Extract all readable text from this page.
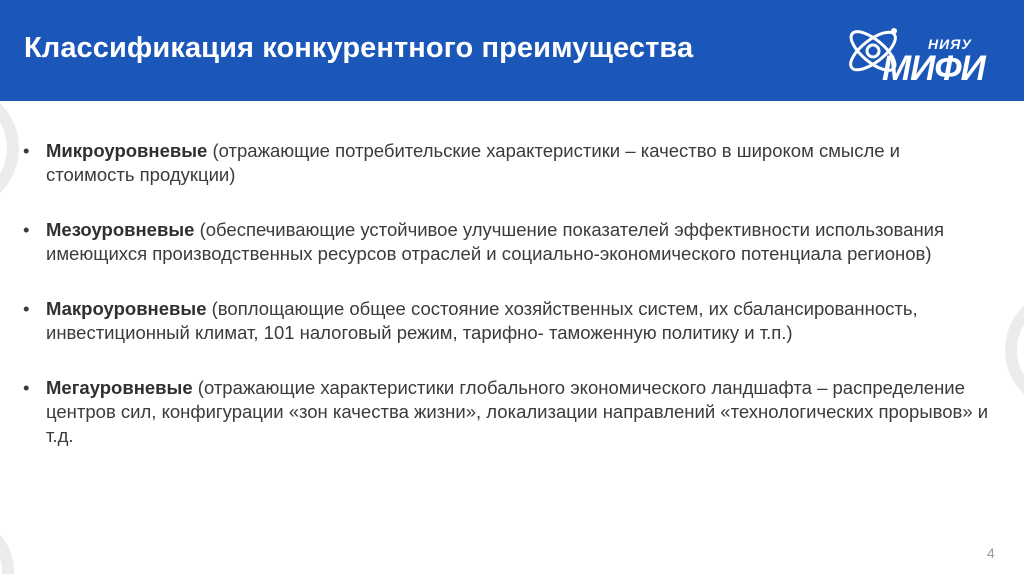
Классификация конкурентного преимущества	НИЯУ
МИФИ
• Микроуровневые (отражающие потребительские характеристики – качество в широком смысле и стоимость продукции)
• Мезоуровневые (обеспечивающие устойчивое улучшение показателей эффективности использования имеющихся производственных ресурсов отраслей и социально-экономического потенциала регионов)
• Макроуровневые (воплощающие общее состояние хозяйственных систем, их сбалансированность, инвестиционный климат, 101 налоговый режим, тарифно- таможенную политику и т.п.)
• Мегауровневые (отражающие характеристики глобального экономического ландшафта – распределение центров сил, конфигурации «зон качества жизни», локализации направлений «технологических прорывов» и т.д.
4
